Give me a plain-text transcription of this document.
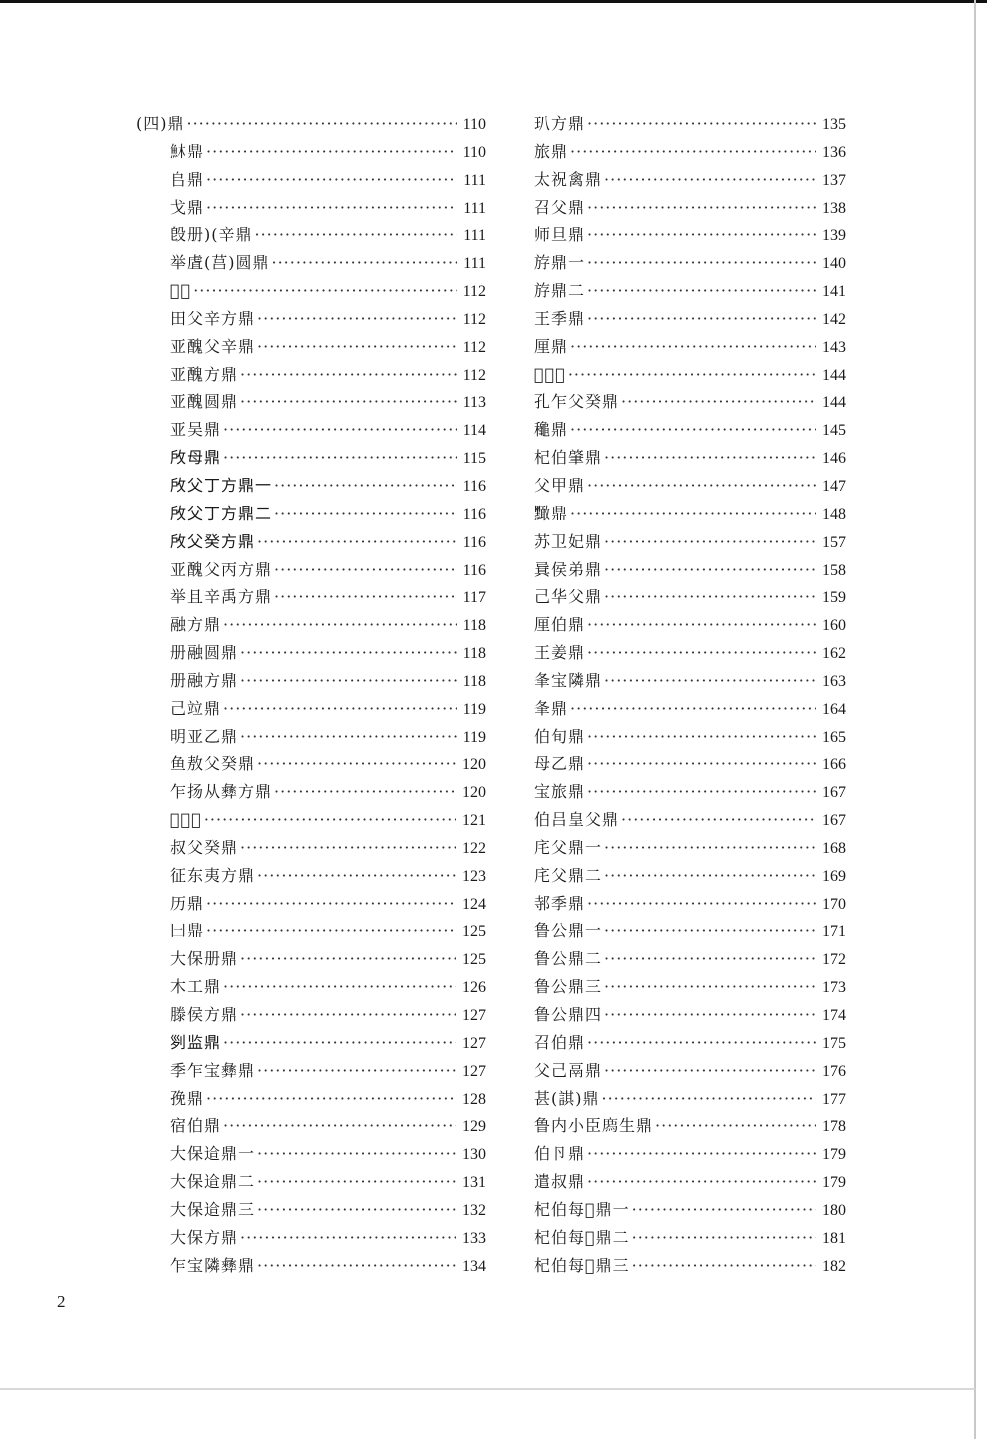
(四)鼎 ·····	110
𩵦鼎 ·····	110
𠂤鼎 ·····	111
戈鼎 ·····	111
𣪘册)(辛鼎 ·····	111
举虘(莒)圆鼎 ·····	111
𢓚鼎 ·····	112
田父辛方鼎 ·····	112
亚醜父辛鼎 ·····	112
亚醜方鼎 ·····	112
亚醜圆鼎 ·····	113
亚吴鼎 ·····	114
𢼄母鼎 ·····	115
𢼄父丁方鼎一 ·····	116
𢼄父丁方鼎二 ·····	116
𢼄父癸方鼎 ·····	116
亚醜父丙方鼎 ·····	116
举且辛禹方鼎 ·····	117
融方鼎 ·····	118
册融圆鼎 ·····	118
册融方鼎 ·····	118
己竝鼎 ·····	119
明亚乙鼎 ·····	119
鱼敖父癸鼎 ·····	120
乍扬从彝方鼎 ·····	120
𣥜方鼎 ·····	121
叔父癸鼎 ·····	122
征东夷方鼎 ·····	123
历鼎 ·····	124
𠙵鼎 ·····	125
大保册鼎 ·····	125
木工鼎 ·····	126
滕侯方鼎 ·····	127
𠛱监鼎 ·····	127
季乍宝彝鼎 ·····	127
㝃鼎 ·····	128
宿伯鼎 ·····	129
大保䢔鼎一 ·····	130
大保䢔鼎二 ·····	131
大保䢔鼎三 ·····	132
大保方鼎 ·····	133
乍宝隣彝鼎 ·····	134
玐方鼎 ·····	135
旅鼎 ·····	136
太祝禽鼎 ·····	137
召父鼎 ·····	138
师旦鼎 ·····	139
斿鼎一 ·····	140
斿鼎二 ·····	141
王季鼎 ·····	142
厘鼎 ·····	143
𩱽白鼎 ·····	144
孔乍父癸鼎 ·····	144
䆋鼎 ·····	145
杞伯肇鼎 ·····	146
父甲鼎 ·····	147
𪒠鼎 ·····	148
苏卫妃鼎 ·····	157
㠱侯弟鼎 ·····	158
己华父鼎 ·····	159
厘伯鼎 ·····	160
王姜鼎 ·····	162
夆宝隣鼎 ·····	163
夆鼎 ·····	164
伯旬鼎 ·····	165
母乙鼎 ·····	166
宝旅鼎 ·····	167
伯吕皇父鼎 ·····	167
㡯父鼎一 ·····	168
㡯父鼎二 ·····	169
邿季鼎 ·····	170
鲁公鼎一 ·····	171
鲁公鼎二 ·····	172
鲁公鼎三 ·····	173
鲁公鼎四 ·····	174
召伯鼎 ·····	175
父己鬲鼎 ·····	176
甚(諆)鼎 ·····	177
鲁内小臣𢊁生鼎 ·····	178
伯卪鼎 ·····	179
遣叔鼎 ·····	179
杞伯每𠄐鼎一 ·····	180
杞伯每𠄐鼎二 ·····	181
杞伯每𠄐鼎三 ·····	182
2
